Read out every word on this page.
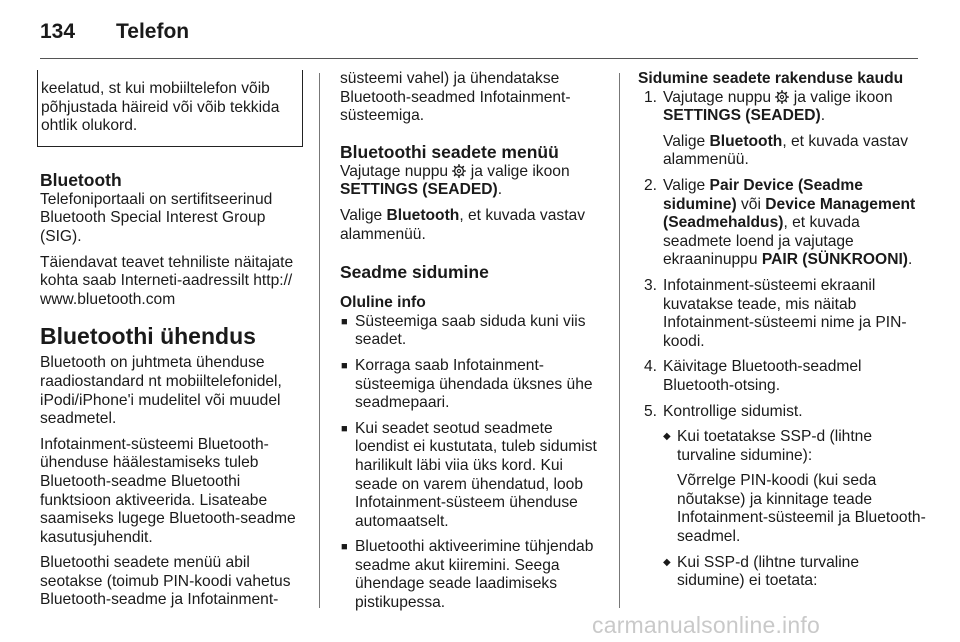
134 Telefon
keelatud, st kui mobiiltelefon võib põhjustada häireid või võib tekkida ohtlik olukord.
Bluetooth

Telefoniportaali on sertifitseerinud Bluetooth Special Interest Group (SIG).

Täiendavat teavet tehniliste näitajate kohta saab Interneti-aadressilt http:// www.bluetooth.com

Bluetoothi ühendus

Bluetooth on juhtmeta ühenduse raadiostandard nt mobiiltelefonidel, iPodi/iPhone'i mudelitel või muudel seadmetel.

Infotainment-süsteemi Bluetooth-ühenduse häälestamiseks tuleb Bluetooth-seadme Bluetoothi funktsioon aktiveerida. Lisateabe saamiseks lugege Bluetooth-seadme kasutusjuhendit.

Bluetoothi seadete menüü abil seotakse (toimub PIN-koodi vahetus Bluetooth-seadme ja Infotainment-

süsteemi vahel) ja ühendatakse Bluetooth-seadmed Infotainment-süsteemiga.

Bluetoothi seadete menüü

Vajutage nuppu ja valige ikoon SETTINGS (SEADED).

Valige Bluetooth, et kuvada vastav alammenüü.

Seadme sidumine
Oluline info
■ Süsteemiga saab siduda kuni viis seadet.
■ Korraga saab Infotainment-süsteemiga ühendada üksnes ühe seadmepaari.
■ Kui seadet seotud seadmete loendist ei kustutata, tuleb sidumist harilikult läbi viia üks kord. Kui seade on varem ühendatud, loob Infotainment-süsteem ühenduse automaatselt.
■ Bluetoothi aktiveerimine tühjendab seadme akut kiiremini. Seega ühendage seade laadimiseks pistikupessa.
Sidumine seadete rakenduse kaudu
1. Vajutage nuppu ja valige ikoon SETTINGS (SEADED).

Valige Bluetooth, et kuvada vastav alammenüü.

2. Valige Pair Device (Seadme sidumine) või Device Management (Seadmehaldus), et kuvada seadmete loend ja vajutage ekraaninuppu PAIR (SÜNKROONI).

3. Infotainment-süsteemi ekraanil kuvatakse teade, mis näitab Infotainment-süsteemi nime ja PIN-koodi.

4. Käivitage Bluetooth-seadmel Bluetooth-otsing.

5. Kontrollige sidumist.

◆ Kui toetatakse SSP-d (lihtne turvaline sidumine):
Võrrelge PIN-koodi (kui seda nõutakse) ja kinnitage teade Infotainment-süsteemil ja Bluetooth-seadmel.
◆ Kui SSP-d (lihtne turvaline sidumine) ei toetata:
carmanualsonline.info
